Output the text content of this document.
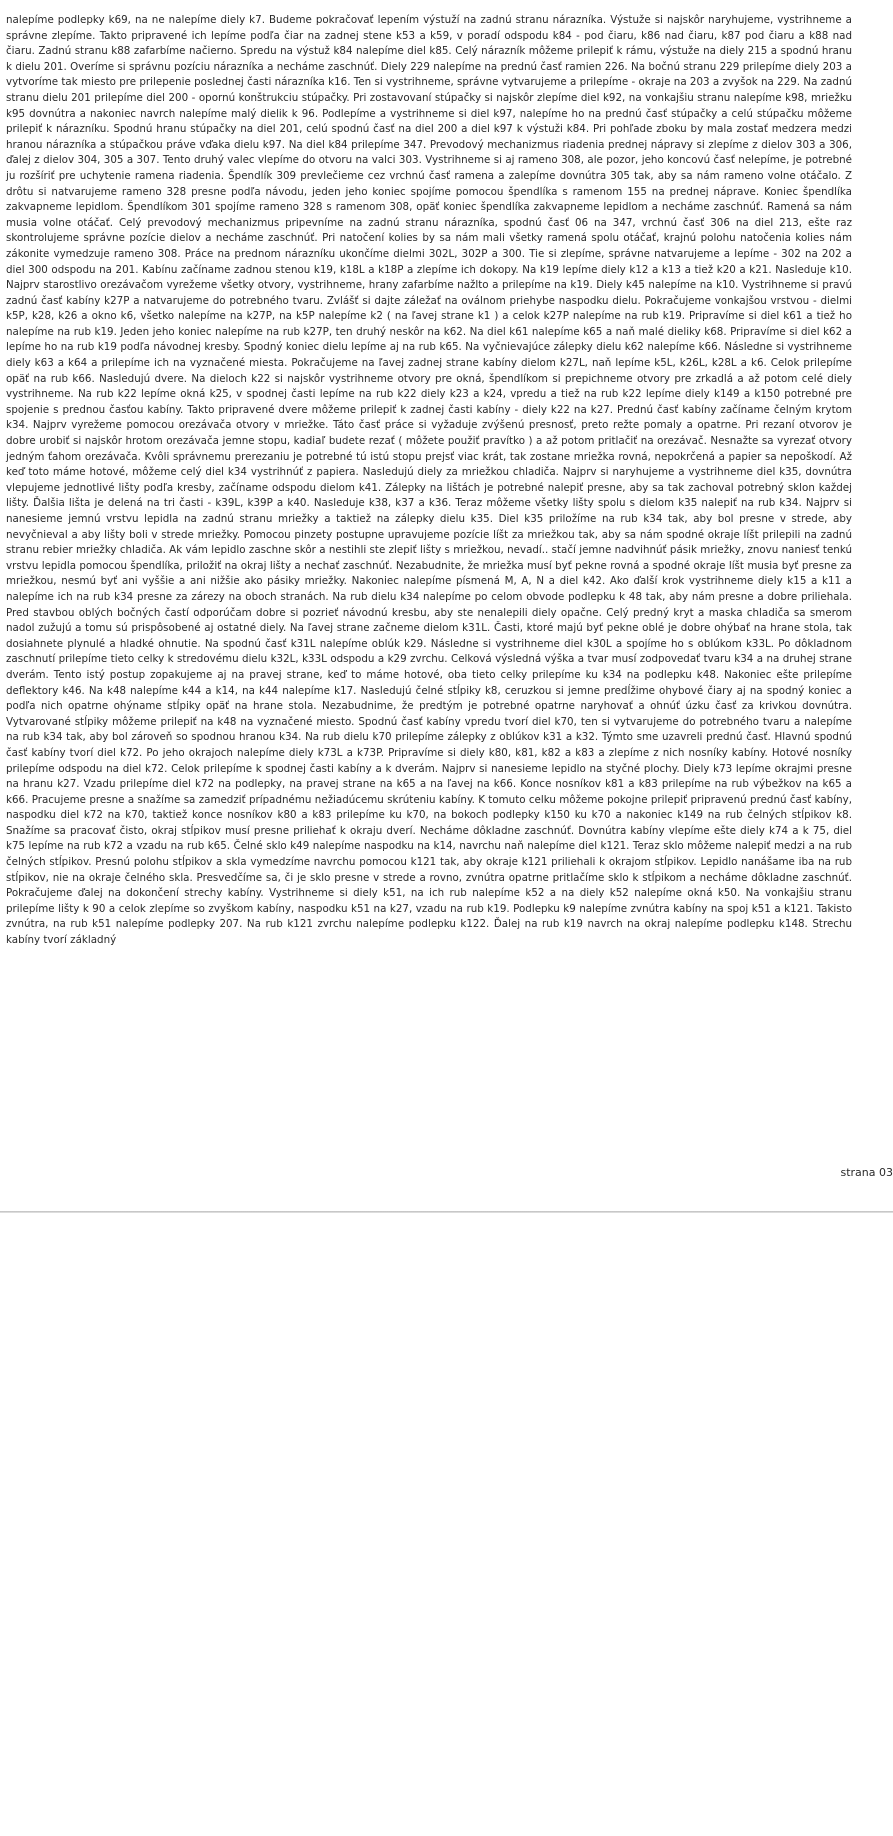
nalepíme podlepky k69, na ne nalepíme diely k7. Budeme pokračovať lepením výstuží na zadnú stranu nárazníka. Výstuže si najskôr naryhujeme, vystrihneme a správne zlepíme. Takto pripravené ich lepíme podľa čiar na zadnej stene k53 a k59, v poradí odspodu k84 - pod čiaru, k86 nad čiaru, k87 pod čiaru a k88 nad čiaru. Zadnú stranu k88 zafarbíme načierno. Spredu na výstuž k84 nalepíme diel k85. Celý nárazník môžeme prilepiť k rámu, výstuže na diely 215 a spodnú hranu k dielu 201. Overíme si správnu pozíciu nárazníka a necháme zaschnúť. Diely 229 nalepíme na prednú časť ramien 226. Na bočnú stranu 229 prilepíme diely 203 a vytvoríme tak miesto pre prilepenie poslednej časti nárazníka k16. Ten si vystrihneme, správne vytvarujeme a prilepíme - okraje na 203 a zvyšok na 229. Na zadnú stranu dielu 201 prilepíme diel 200 - opornú konštrukciu stúpačky. Pri zostavovaní stúpačky si najskôr zlepíme diel k92, na vonkajšiu stranu nalepíme k98, mriežku k95 dovnútra a nakoniec navrch nalepíme malý dielik k 96. Podlepíme a vystrihneme si diel k97, nalepíme ho na prednú časť stúpačky a celú stúpačku môžeme prilepiť k nárazníku. Spodnú hranu stúpačky na diel 201, celú spodnú časť na diel 200 a diel k97 k výstuži k84. Pri pohľade zboku by mala zostať medzera medzi hranou nárazníka a stúpačkou práve vďaka dielu k97. Na diel k84 prilepíme 347. Prevodový mechanizmus riadenia prednej nápravy si zlepíme z dielov 303 a 306, ďalej z dielov 304, 305 a 307. Tento druhý valec vlepíme do otvoru na valci 303. Vystrihneme si aj rameno 308, ale pozor, jeho koncovú časť nelepíme, je potrebné ju rozšíriť pre uchytenie ramena riadenia. Špendlík 309 prevlečieme cez vrchnú časť ramena a zalepíme dovnútra 305 tak, aby sa nám rameno volne otáčalo. Z drôtu si natvarujeme rameno 328 presne podľa návodu, jeden jeho koniec spojíme pomocou špendlíka s ramenom 155 na prednej náprave. Koniec špendlíka zakvapneme lepidlom. Špendlíkom 301 spojíme rameno 328 s ramenom 308, opäť koniec špendlíka zakvapneme lepidlom a necháme zaschnúť. Ramená sa nám musia volne otáčať. Celý prevodový mechanizmus pripevníme na zadnú stranu nárazníka, spodnú časť 06 na 347, vrchnú časť 306 na diel 213, ešte raz skontrolujeme správne pozície dielov a necháme zaschnúť. Pri natočení kolies by sa nám mali všetky ramená spolu otáčať, krajnú polohu natočenia kolies nám zákonite vymedzuje rameno 308. Práce na prednom nárazníku ukončíme dielmi 302L, 302P a 300. Tie si zlepíme, správne natvarujeme a lepíme - 302 na 202 a diel 300 odspodu na 201. Kabínu začíname zadnou stenou k19, k18L a k18P a zlepíme ich dokopy. Na k19 lepíme diely k12 a k13 a tiež k20 a k21. Nasleduje k10. Najprv starostlivo orezávačom vyrežeme všetky otvory, vystrihneme, hrany zafarbíme nažlto a prilepíme na k19. Diely k45 nalepíme na k10. Vystrihneme si pravú zadnú časť kabíny k27P a natvarujeme do potrebného tvaru. Zvlášť si dajte záležať na oválnom priehybe naspodku dielu. Pokračujeme vonkajšou vrstvou - dielmi k5P, k28, k26 a okno k6, všetko nalepíme na k27P, na k5P nalepíme k2 ( na ľavej strane k1 ) a celok k27P nalepíme na rub k19. Pripravíme si diel k61 a tiež ho nalepíme na rub k19. Jeden jeho koniec nalepíme na rub k27P, ten druhý neskôr na k62. Na diel k61 nalepíme k65 a naň malé dieliky k68. Pripravíme si diel k62 a lepíme ho na rub k19 podľa návodnej kresby. Spodný koniec dielu lepíme aj na rub k65. Na vyčnievajúce zálepky dielu k62 nalepíme k66. Následne si vystrihneme diely k63 a k64 a prilepíme ich na vyznačené miesta. Pokračujeme na ľavej zadnej strane kabíny dielom k27L, naň lepíme k5L, k26L, k28L a k6. Celok prilepíme opäť na rub k66. Nasledujú dvere. Na dieloch k22 si najskôr vystrihneme otvory pre okná, špendlíkom si prepichneme otvory pre zrkadlá a až potom celé diely vystrihneme. Na rub k22 lepíme okná k25, v spodnej časti lepíme na rub k22 diely k23 a k24, vpredu a tiež na rub k22 lepíme diely k149 a k150 potrebné pre spojenie s prednou časťou kabíny. Takto pripravené dvere môžeme prilepiť k zadnej časti kabíny - diely k22 na k27. Prednú časť kabíny začíname čelným krytom k34. Najprv vyrežeme pomocou orezávača otvory v mriežke. Táto časť práce si vyžaduje zvýšenú presnosť, preto režte pomaly a opatrne. Pri rezaní otvorov je dobre urobiť si najskôr hrotom orezávača jemne stopu, kadiaľ budete rezať ( môžete použiť pravítko ) a až potom pritlačiť na orezávač. Nesnažte sa vyrezať otvory jedným ťahom orezávača. Kvôli správnemu prerezaniu je potrebné tú istú stopu prejsť viac krát, tak zostane mriežka rovná, nepokrčená a papier sa nepoškodí. Až keď toto máme hotové, môžeme celý diel k34 vystrihnúť z papiera. Nasledujú diely za mriežkou chladiča. Najprv si naryhujeme a vystrihneme diel k35, dovnútra vlepujeme jednotlivé lišty podľa kresby, začíname odspodu dielom k41. Zálepky na lištách je potrebné nalepiť presne, aby sa tak zachoval potrebný sklon každej lišty. Ďalšia lišta je delená na tri časti - k39L, k39P a k40. Nasleduje k38, k37 a k36. Teraz môžeme všetky lišty spolu s dielom k35 nalepiť na rub k34. Najprv si nanesieme jemnú vrstvu lepidla na zadnú stranu mriežky a taktiež na zálepky dielu k35. Diel k35 priložíme na rub k34 tak, aby bol presne v strede, aby nevyčnieval a aby lišty boli v strede mriežky. Pomocou pinzety postupne upravujeme pozície líšt za mriežkou tak, aby sa nám spodné okraje líšt prilepili na zadnú stranu rebier mriežky chladiča. Ak vám lepidlo zaschne skôr a nestihli ste zlepiť lišty s mriežkou, nevadí.. stačí jemne nadvihnúť pásik mriežky, znovu naniesť tenkú vrstvu lepidla pomocou špendlíka, priložiť na okraj lišty a nechať zaschnúť. Nezabudnite, že mriežka musí byť pekne rovná a spodné okraje líšt musia byť presne za mriežkou, nesmú byť ani vyššie a ani nižšie ako pásiky mriežky. Nakoniec nalepíme písmená M, A, N a diel k42. Ako ďalší krok vystrihneme diely k15 a k11 a nalepíme ich na rub k34 presne za zárezy na oboch stranách. Na rub dielu k34 nalepíme po celom obvode podlepku k 48 tak, aby nám presne a dobre priliehala. Pred stavbou oblých bočných častí odporúčam dobre si pozrieť návodnú kresbu, aby ste nenalepili diely opačne. Celý predný kryt a maska chladiča sa smerom nadol zužujú a tomu sú prispôsobené aj ostatné diely. Na ľavej strane začneme dielom k31L. Časti, ktoré majú byť pekne oblé je dobre ohýbať na hrane stola, tak dosiahnete plynulé a hladké ohnutie. Na spodnú časť k31L nalepíme oblúk k29. Následne si vystrihneme diel k30L a spojíme ho s oblúkom k33L. Po dôkladnom zaschnutí prilepíme tieto celky k stredovému dielu k32L, k33L odspodu a k29 zvrchu. Celková výsledná výška a tvar musí zodpovedať tvaru k34 a na druhej strane dverám. Tento istý postup zopakujeme aj na pravej strane, keď to máme hotové, oba tieto celky prilepíme ku k34 na podlepku k48. Nakoniec ešte prilepíme deflektory k46. Na k48 nalepíme k44 a k14, na k44 nalepíme k17. Nasledujú čelné stĺpiky k8, ceruzkou si jemne predĺžime ohybové čiary aj na spodný koniec a podľa nich opatrne ohýname stĺpiky opäť na hrane stola. Nezabudnime, že predtým je potrebné opatrne naryhovať a ohnúť úzku časť za krivkou dovnútra. Vytvarované stĺpiky môžeme prilepiť na k48 na vyznačené miesto. Spodnú časť kabíny vpredu tvorí diel k70, ten si vytvarujeme do potrebného tvaru a nalepíme na rub k34 tak, aby bol zároveň so spodnou hranou k34. Na rub dielu k70 prilepíme zálepky z oblúkov k31 a k32. Týmto sme uzavreli prednú časť. Hlavnú spodnú časť kabíny tvorí diel k72. Po jeho okrajoch nalepíme diely k73L a k73P. Pripravíme si diely k80, k81, k82 a k83 a zlepíme z nich nosníky kabíny. Hotové nosníky prilepíme odspodu na diel k72. Celok prilepíme k spodnej časti kabíny a k dverám. Najprv si nanesieme lepidlo na styčné plochy. Diely k73 lepíme okrajmi presne na hranu k27. Vzadu prilepíme diel k72 na podlepky, na pravej strane na k65 a na ľavej na k66. Konce nosníkov k81 a k83 prilepíme na rub výbežkov na k65 a k66. Pracujeme presne a snažíme sa zamedziť prípadnému nežiadúcemu skrúteniu kabíny. K tomuto celku môžeme pokojne prilepiť pripravenú prednú časť kabíny, naspodku diel k72 na k70, taktiež konce nosníkov k80 a k83 prilepíme ku k70, na bokoch podlepky k150 ku k70 a nakoniec k149 na rub čelných stĺpikov k8. Snažíme sa pracovať čisto, okraj stĺpikov musí presne priliehať k okraju dverí. Necháme dôkladne zaschnúť. Dovnútra kabíny vlepíme ešte diely k74 a k 75, diel k75 lepíme na rub k72 a vzadu na rub k65. Čelné sklo k49 nalepíme naspodku na k14, navrchu naň nalepíme diel k121. Teraz sklo môžeme nalepiť medzi a na rub čelných stĺpikov. Presnú polohu stĺpikov a skla vymedzíme navrchu pomocou k121 tak, aby okraje k121 priliehali k okrajom stĺpikov. Lepidlo nanášame iba na rub stĺpikov, nie na okraje čelného skla. Presvedčíme sa, či je sklo presne v strede a rovno, zvnútra opatrne pritlačíme sklo k stĺpikom a necháme dôkladne zaschnúť. Pokračujeme ďalej na dokončení strechy kabíny. Vystrihneme si diely k51, na ich rub nalepíme k52 a na diely k52 nalepíme okná k50. Na vonkajšiu stranu prilepíme lišty k 90 a celok zlepíme so zvyškom kabíny, naspodku k51 na k27, vzadu na rub k19. Podlepku k9 nalepíme zvnútra kabíny na spoj k51 a k121. Takisto zvnútra, na rub k51 nalepíme podlepky 207. Na rub k121 zvrchu nalepíme podlepku k122. Ďalej na rub k19 navrch na okraj nalepíme podlepku k148. Strechu kabíny tvorí základný

strana 03
